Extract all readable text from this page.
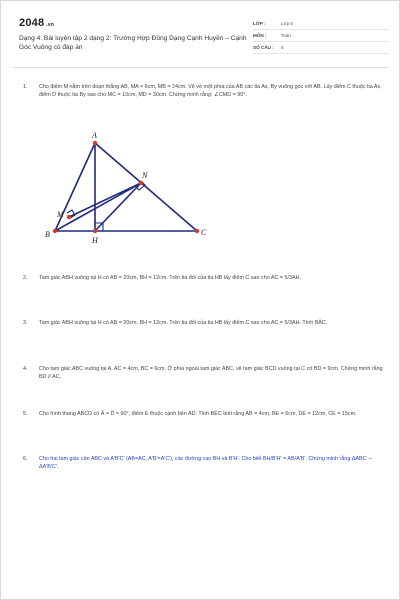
2048 .vn
Dạng 4: Bài luyện tập 2 dạng 2: Trường Hợp Đồng Dạng Cạnh Huyền – Cạnh Góc Vuông có đáp án
LỚP :	Lớp 8
MÔN :	Toán
SỐ CÂU :	6
1.	Cho điểm M nằm trên đoạn thẳng AB, MA = 6cm, MB = 24cm. Vẽ về một phía của AB các tia Ax, By vuông góc với AB. Lấy điểm C thuộc tia Ax, điểm D thuộc tia By sao cho MC = 10cm, MD = 30cm. Chứng minh rằng: ∠CMD = 90°.
A
B	C
H
M
N
2.	Tam giác ABH vuông tại H có AB = 20cm, BH = 12cm. Trên tia đối của tia HB lấy điểm C sao cho AC = 5/3AH.
3.	Tam giác ABH vuông tại H có AB = 20cm, BH = 12cm. Trên tia đối của tia HB lấy điểm C sao cho AC = 5/3AH. Tính BÂC.
4.	Cho tam giác ABC vuông tại A, AC = 4cm, BC = 6cm. Ở phía ngoài tam giác ABC, vẽ tam giác BCD vuông tại C có BD = 9cm. Chứng minh rằng BD // AC.
5.	Cho hình thang ABCD có Â = D̂ = 90°, điểm E thuộc cạnh bên AD. Tính BÊC biết rằng AB = 4cm, BE = 5cm, DE = 12cm, CE = 15cm.
6.	Cho hai tam giác cân ABC và A'B'C' (AB=AC, A'B'=A'C'), các đường cao BH và B'H'. Cho biết BH/B'H' = AB/A'B'. Chứng minh rằng ΔABC ∽ ΔA'B'C'.
